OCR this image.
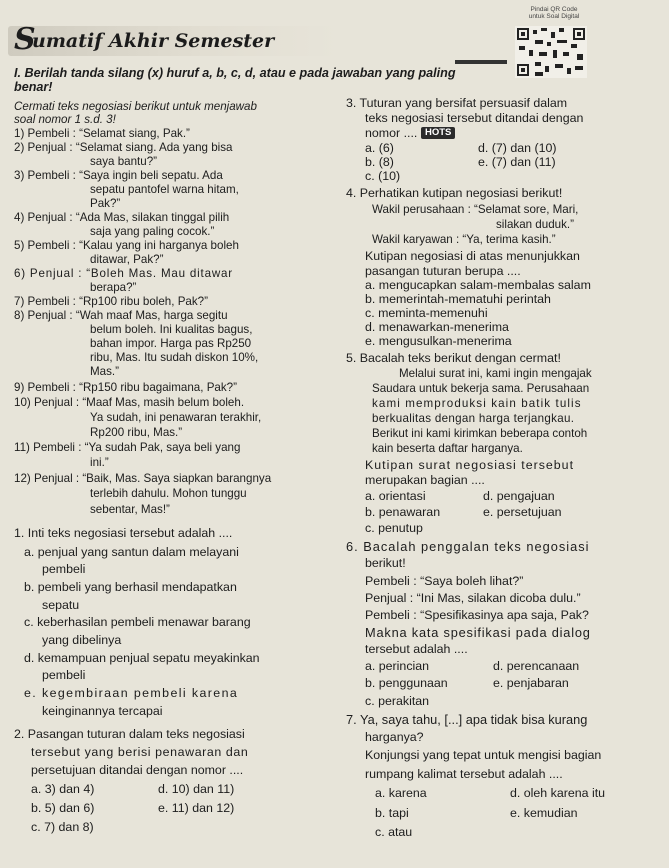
S
umatif Akhir Semester
Pindai QR Code untuk Soal Digital
I. Berilah tanda silang (x) huruf a, b, c, d, atau e pada jawaban yang paling
benar!
Cermati teks negosiasi berikut untuk menjawab
soal nomor 1 s.d. 3!
1) Pembeli : “Selamat siang, Pak.”
2) Penjual : “Selamat siang. Ada yang bisa
saya bantu?”
3) Pembeli : “Saya ingin beli sepatu. Ada
sepatu pantofel warna hitam,
Pak?”
4) Penjual : “Ada Mas, silakan tinggal pilih
saja yang paling cocok.”
5) Pembeli : “Kalau yang ini harganya boleh
ditawar, Pak?”
6) Penjual : “Boleh Mas. Mau ditawar
berapa?”
7) Pembeli : “Rp100 ribu boleh, Pak?”
8) Penjual : “Wah maaf Mas, harga segitu
belum boleh. Ini kualitas bagus,
bahan impor. Harga pas Rp250
ribu, Mas. Itu sudah diskon 10%,
Mas.”
9) Pembeli : “Rp150 ribu bagaimana, Pak?”
10) Penjual : “Maaf Mas, masih belum boleh.
Ya sudah, ini penawaran terakhir,
Rp200 ribu, Mas.”
11) Pembeli : “Ya sudah Pak, saya beli yang
ini.”
12) Penjual : “Baik, Mas. Saya siapkan barangnya
terlebih dahulu. Mohon tunggu
sebentar, Mas!”
1. Inti teks negosiasi tersebut adalah ....
a. penjual yang santun dalam melayani
pembeli
b. pembeli yang berhasil mendapatkan
sepatu
c. keberhasilan pembeli menawar barang
yang dibelinya
d. kemampuan penjual sepatu meyakinkan
pembeli
e. kegembiraan pembeli karena
keinginannya tercapai
2. Pasangan tuturan dalam teks negosiasi
tersebut yang berisi penawaran dan
persetujuan ditandai dengan nomor ....
a. 3) dan 4)	d. 10) dan 11)
b. 5) dan 6)	e. 11) dan 12)
c. 7) dan 8)
3. Tuturan yang bersifat persuasif dalam
teks negosiasi tersebut ditandai dengan
nomor .... HOTS
a. (6)	d. (7) dan (10)
b. (8)	e. (7) dan (11)
c. (10)
4. Perhatikan kutipan negosiasi berikut!
Wakil perusahaan : “Selamat sore, Mari,
silakan duduk.”
Wakil karyawan : “Ya, terima kasih.”
Kutipan negosiasi di atas menunjukkan
pasangan tuturan berupa ....
a. mengucapkan salam-membalas salam
b. memerintah-mematuhi perintah
c. meminta-memenuhi
d. menawarkan-menerima
e. mengusulkan-menerima
5. Bacalah teks berikut dengan cermat!
Melalui surat ini, kami ingin mengajak
Saudara untuk bekerja sama. Perusahaan
kami memproduksi kain batik tulis
berkualitas dengan harga terjangkau.
Berikut ini kami kirimkan beberapa contoh
kain beserta daftar harganya.
Kutipan surat negosiasi tersebut
merupakan bagian ....
a. orientasi	d. pengajuan
b. penawaran	e. persetujuan
c. penutup
6. Bacalah penggalan teks negosiasi
berikut!
Pembeli : “Saya boleh lihat?”
Penjual : “Ini Mas, silakan dicoba dulu.”
Pembeli : “Spesifikasinya apa saja, Pak?
Makna kata spesifikasi pada dialog
tersebut adalah ....
a. perincian	d. perencanaan
b. penggunaan	e. penjabaran
c. perakitan
7. Ya, saya tahu, [...] apa tidak bisa kurang
harganya?
Konjungsi yang tepat untuk mengisi bagian
rumpang kalimat tersebut adalah ....
a. karena	d. oleh karena itu
b. tapi	e. kemudian
c. atau
